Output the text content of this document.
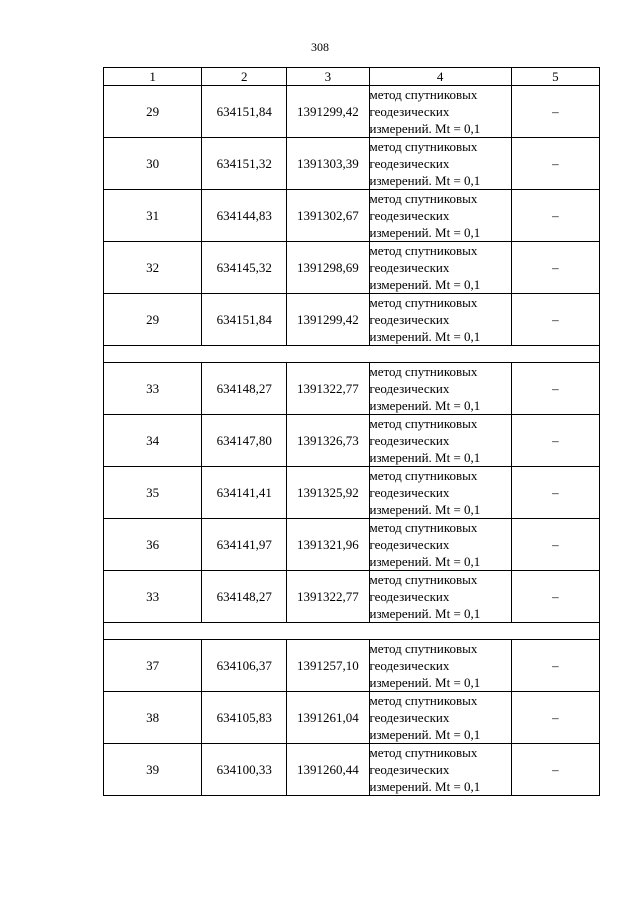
308
1	2	3	4	5
29	634151,84	1391299,42	метод спутниковых
геодезических
измерений. Mt = 0,1	–
30	634151,32	1391303,39	метод спутниковых
геодезических
измерений. Mt = 0,1	–
31	634144,83	1391302,67	метод спутниковых
геодезических
измерений. Mt = 0,1	–
32	634145,32	1391298,69	метод спутниковых
геодезических
измерений. Mt = 0,1	–
29	634151,84	1391299,42	метод спутниковых
геодезических
измерений. Mt = 0,1	–

33	634148,27	1391322,77	метод спутниковых
геодезических
измерений. Mt = 0,1	–
34	634147,80	1391326,73	метод спутниковых
геодезических
измерений. Mt = 0,1	–
35	634141,41	1391325,92	метод спутниковых
геодезических
измерений. Mt = 0,1	–
36	634141,97	1391321,96	метод спутниковых
геодезических
измерений. Mt = 0,1	–
33	634148,27	1391322,77	метод спутниковых
геодезических
измерений. Mt = 0,1	–

37	634106,37	1391257,10	метод спутниковых
геодезических
измерений. Mt = 0,1	–
38	634105,83	1391261,04	метод спутниковых
геодезических
измерений. Mt = 0,1	–
39	634100,33	1391260,44	метод спутниковых
геодезических
измерений. Mt = 0,1	–
